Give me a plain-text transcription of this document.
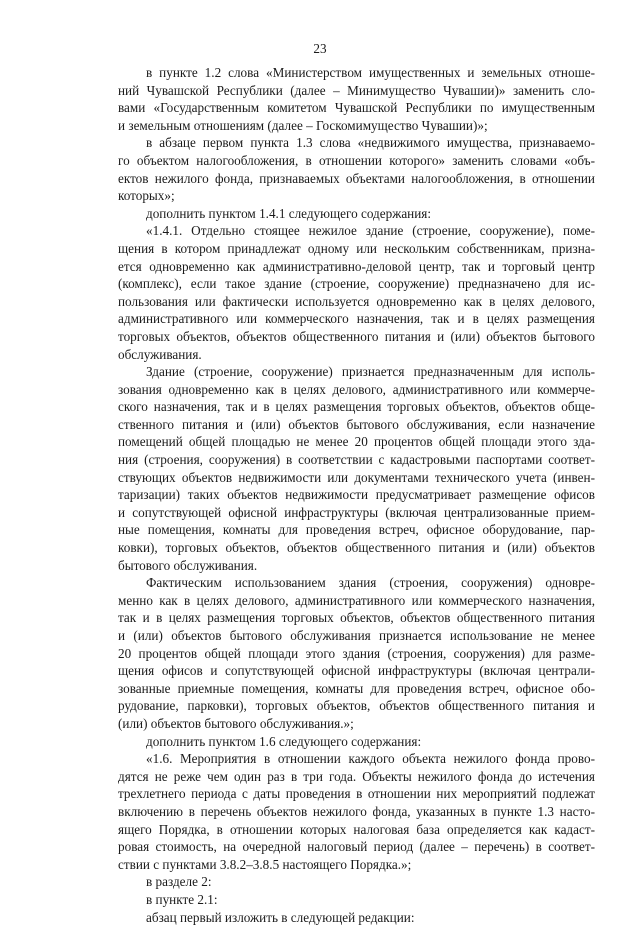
23
в пункте 1.2 слова «Министерством имущественных и земельных отноше-
ний Чувашской Республики (далее – Минимущество Чувашии)» заменить сло-
вами «Государственным комитетом Чувашской Республики по имущественным
и земельным отношениям (далее – Госкомимущество Чувашии)»;
в абзаце первом пункта 1.3 слова «недвижимого имущества, признаваемо-
го объектом налогообложения, в отношении которого» заменить словами «объ-
ектов нежилого фонда, признаваемых объектами налогообложения, в отношении
которых»;
дополнить пунктом 1.4.1 следующего содержания:
«1.4.1. Отдельно стоящее нежилое здание (строение, сооружение), поме-
щения в котором принадлежат одному или нескольким собственникам, призна-
ется одновременно как административно-деловой центр, так и торговый центр
(комплекс), если такое здание (строение, сооружение) предназначено для ис-
пользования или фактически используется одновременно как в целях делового,
административного или коммерческого назначения, так и в целях размещения
торговых объектов, объектов общественного питания и (или) объектов бытового
обслуживания.
Здание (строение, сооружение) признается предназначенным для исполь-
зования одновременно как в целях делового, административного или коммерче-
ского назначения, так и в целях размещения торговых объектов, объектов обще-
ственного питания и (или) объектов бытового обслуживания, если назначение
помещений общей площадью не менее 20 процентов общей площади этого зда-
ния (строения, сооружения) в соответствии с кадастровыми паспортами соответ-
ствующих объектов недвижимости или документами технического учета (инвен-
таризации) таких объектов недвижимости предусматривает размещение офисов
и сопутствующей офисной инфраструктуры (включая централизованные прием-
ные помещения, комнаты для проведения встреч, офисное оборудование, пар-
ковки), торговых объектов, объектов общественного питания и (или) объектов
бытового обслуживания.
Фактическим использованием здания (строения, сооружения) одновре-
менно как в целях делового, административного или коммерческого назначения,
так и в целях размещения торговых объектов, объектов общественного питания
и (или) объектов бытового обслуживания признается использование не менее
20 процентов общей площади этого здания (строения, сооружения) для разме-
щения офисов и сопутствующей офисной инфраструктуры (включая централи-
зованные приемные помещения, комнаты для проведения встреч, офисное обо-
рудование, парковки), торговых объектов, объектов общественного питания и
(или) объектов бытового обслуживания.»;
дополнить пунктом 1.6 следующего содержания:
«1.6. Мероприятия в отношении каждого объекта нежилого фонда прово-
дятся не реже чем один раз в три года. Объекты нежилого фонда до истечения
трехлетнего периода с даты проведения в отношении них мероприятий подлежат
включению в перечень объектов нежилого фонда, указанных в пункте 1.3 насто-
ящего Порядка, в отношении которых налоговая база определяется как кадаст-
ровая стоимость, на очередной налоговый период (далее – перечень) в соответ-
ствии с пунктами 3.8.2–3.8.5 настоящего Порядка.»;
в разделе 2:
в пункте 2.1:
абзац первый изложить в следующей редакции:
